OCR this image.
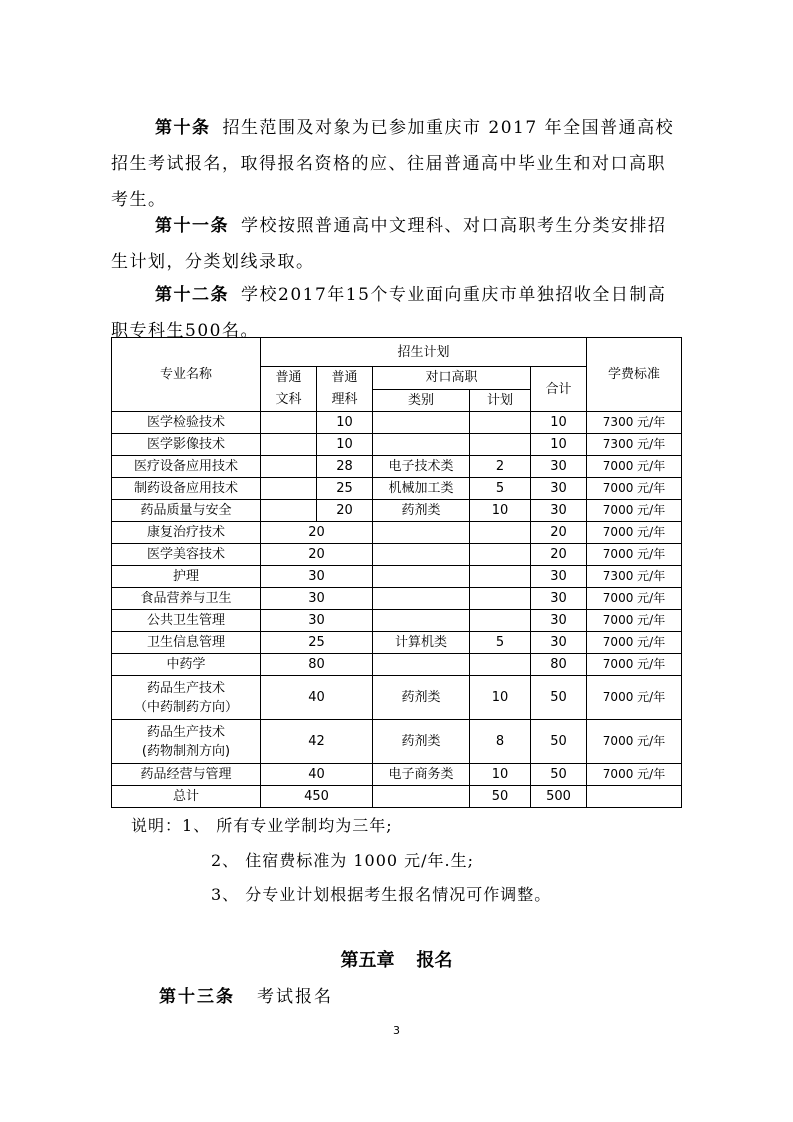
第十条 招生范围及对象为已参加重庆市 2017 年全国普通高校招生考试报名，取得报名资格的应、往届普通高中毕业生和对口高职考生。
第十一条 学校按照普通高中文理科、对口高职考生分类安排招生计划，分类划线录取。
第十二条 学校2017年15个专业面向重庆市单独招收全日制高职专科生500名。
专业名称	招生计划					学费标准
	普通文科	普通理科	对口高职		合计	
			类别	计划		

医学检验技术		10			10	7300 元/年

医学影像技术		10			10	7300 元/年

医疗设备应用技术		28	电子技术类	2	30	7000 元/年

制药设备应用技术		25	机械加工类	5	30	7000 元/年

药品质量与安全		20	药剂类	10	30	7000 元/年

康复治疗技术	20				20	7000 元/年

医学美容技术	20				20	7000 元/年

护理	30				30	7300 元/年

食品营养与卫生	30				30	7000 元/年

公共卫生管理	30				30	7000 元/年

卫生信息管理	25		计算机类	5	30	7000 元/年

中药学	80				80	7000 元/年

药品生产技术
（中药制药方向）	40		药剂类	10	50	7000 元/年

药品生产技术
(药物制剂方向)	42		药剂类	8	50	7000 元/年

药品经营与管理	40		电子商务类	10	50	7000 元/年
总计	450			50	500	
说明：1、 所有专业学制均为三年;
2、 住宿费标准为 1000 元/年.生;
3、 分专业计划根据考生报名情况可作调整。
第五章 报名
第十三条 考试报名
3
